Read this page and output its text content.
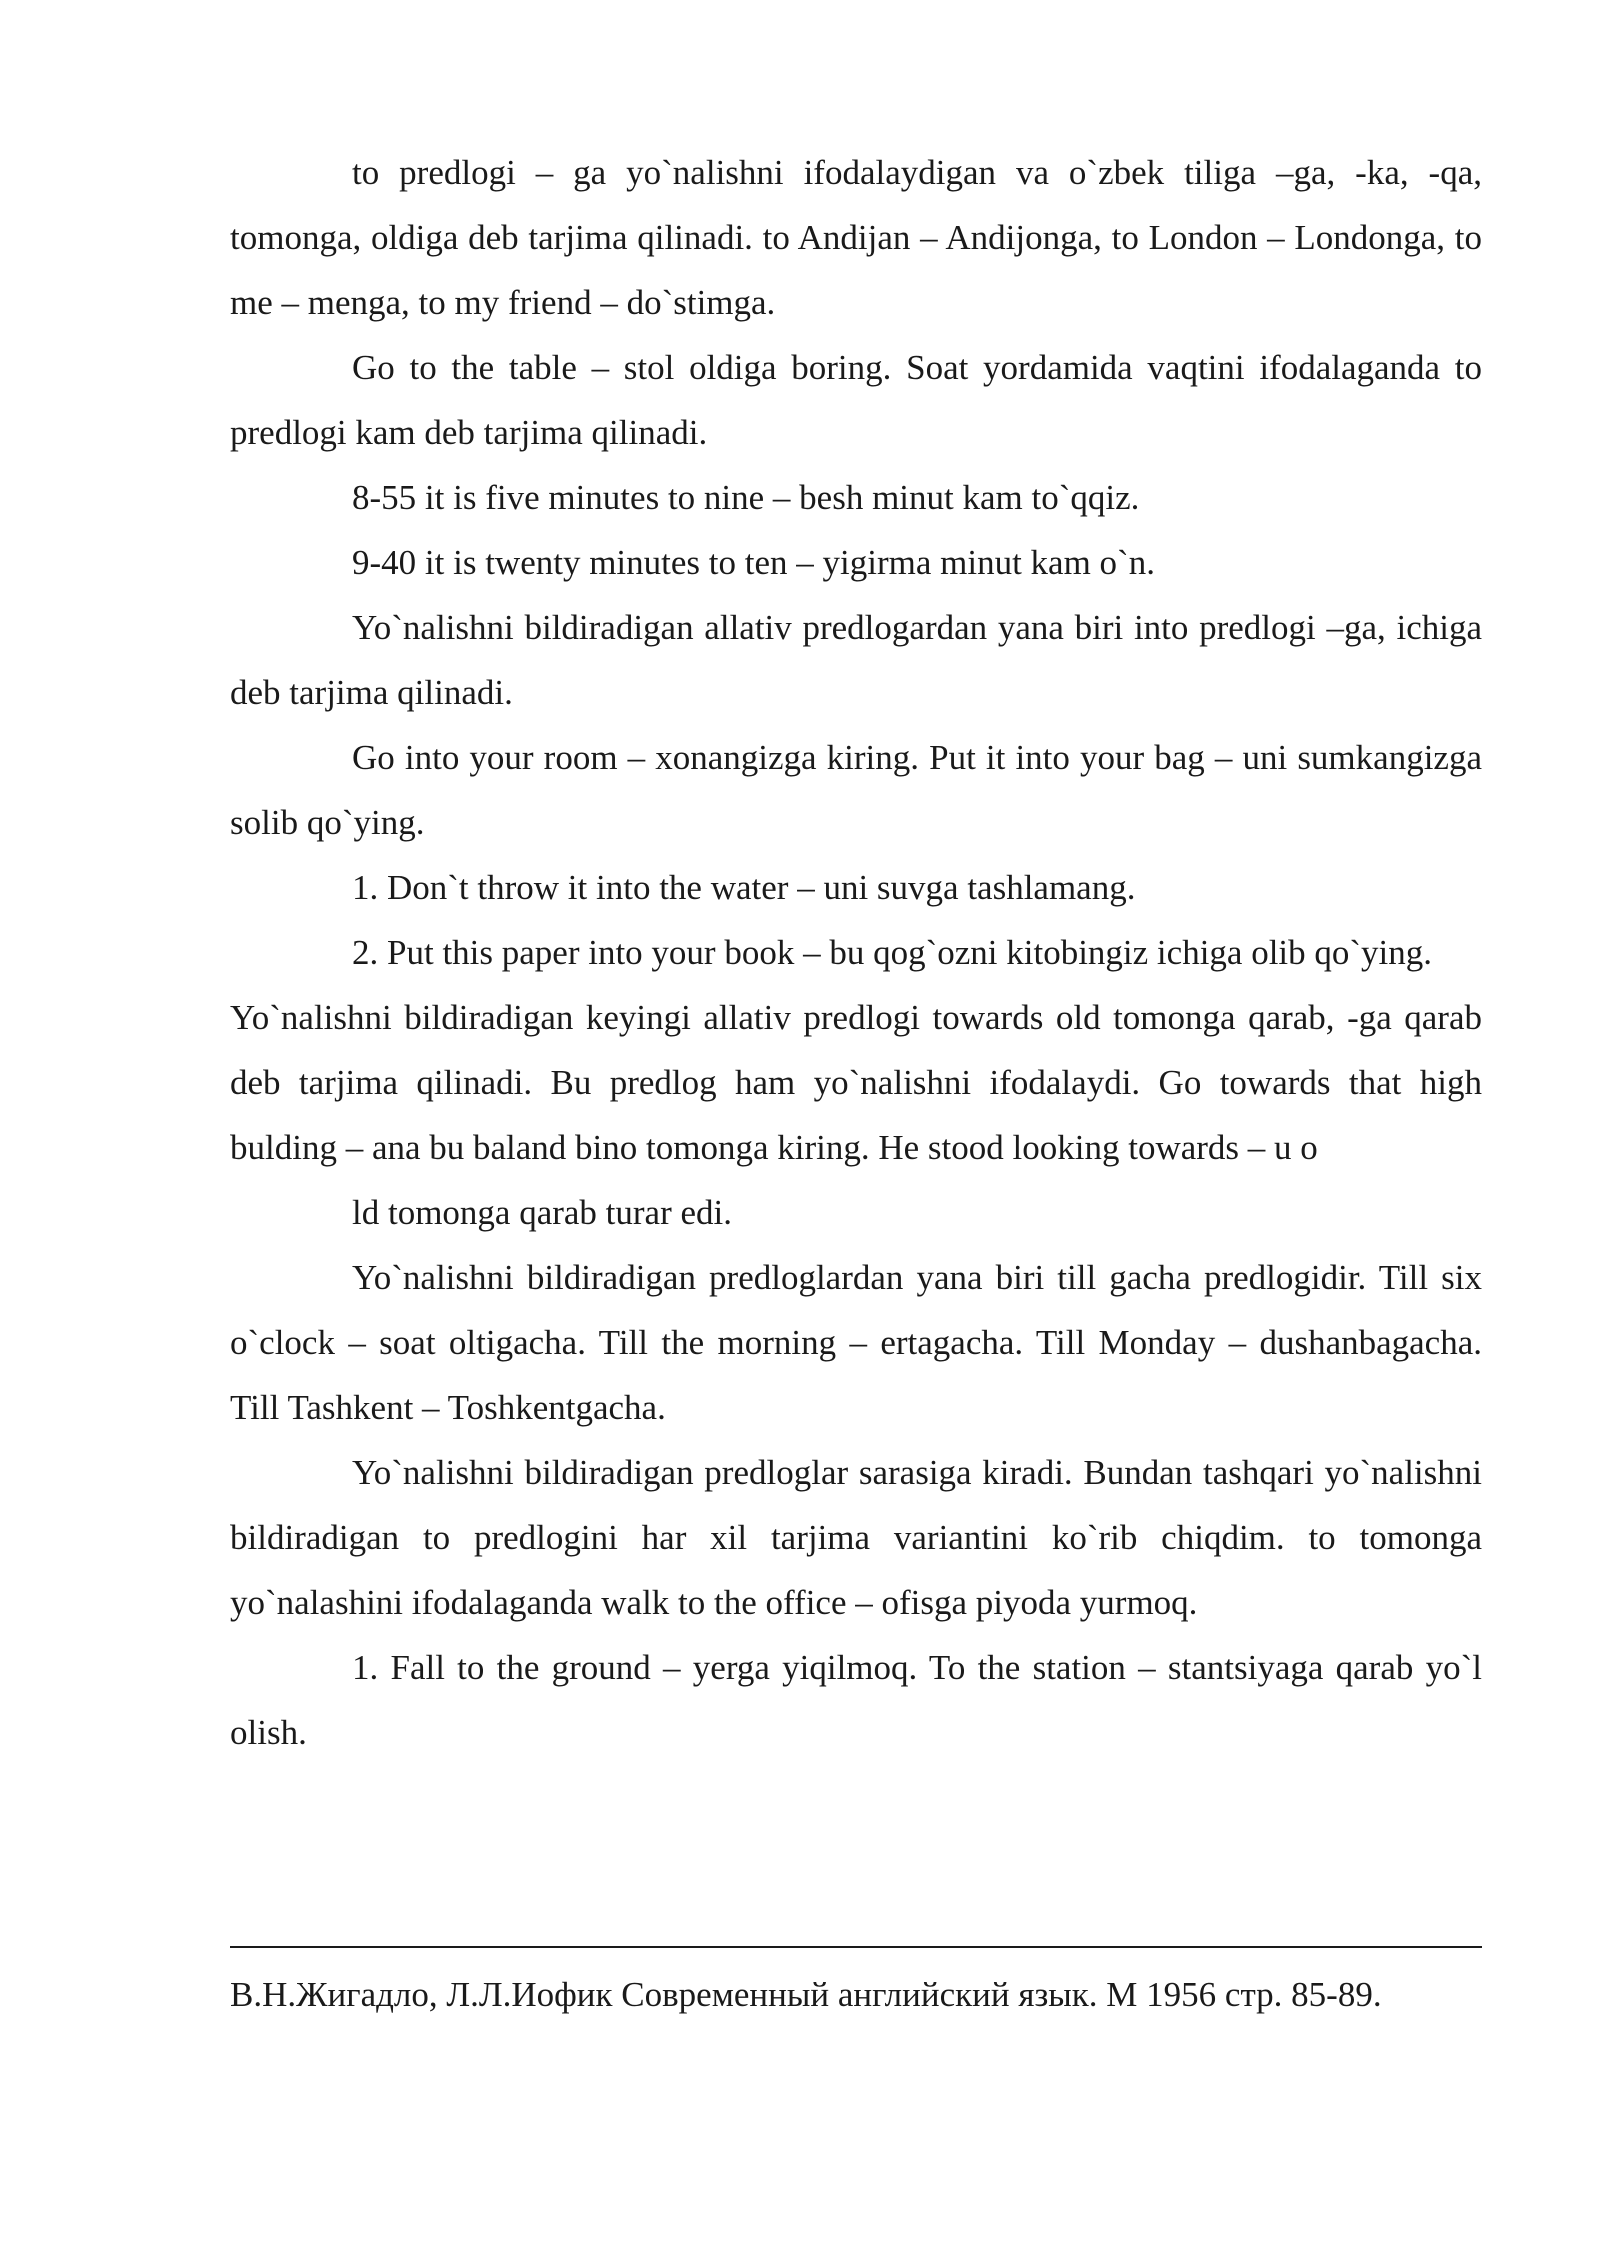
to predlogi – ga yo`nalishni ifodalaydigan va o`zbek tiliga –ga, -ka, -qa, tomonga, oldiga deb tarjima qilinadi. to Andijan – Andijonga, to London – Londonga, to me – menga, to my friend – do`stimga.

Go to the table – stol oldiga boring. Soat yordamida vaqtini ifodalaganda to predlogi kam deb tarjima qilinadi.

8-55 it is five minutes to nine – besh minut kam to`qqiz.

9-40 it is twenty minutes to ten – yigirma minut kam o`n.

Yo`nalishni bildiradigan allativ predlogardan yana biri into predlogi –ga, ichiga deb tarjima qilinadi.

Go into your room – xonangizga kiring. Put it into your bag – uni sumkangizga solib qo`ying.

1. Don`t throw it into the water – uni suvga tashlamang.

2. Put this paper into your book – bu qog`ozni kitobingiz ichiga olib qo`ying.

Yo`nalishni bildiradigan keyingi allativ predlogi towards old tomonga qarab, -ga qarab deb tarjima qilinadi. Bu predlog ham yo`nalishni ifodalaydi. Go towards that high bulding – ana bu baland bino tomonga kiring. He stood looking towards – u o

ld tomonga qarab turar edi.

Yo`nalishni bildiradigan predloglardan yana biri till gacha predlogidir. Till six o`clock – soat oltigacha. Till the morning – ertagacha. Till Monday – dushanbagacha. Till Tashkent – Toshkentgacha.

Yo`nalishni bildiradigan predloglar sarasiga kiradi. Bundan tashqari yo`nalishni bildiradigan to predlogini har xil tarjima variantini ko`rib chiqdim. to tomonga yo`nalashini ifodalaganda walk to the office – ofisga piyoda yurmoq.

1. Fall to the ground – yerga yiqilmoq. To the station – stantsiyaga qarab yo`l olish.

В.Н.Жигадло, Л.Л.Иофик Современный английский язык. М 1956 стр. 85-89.
